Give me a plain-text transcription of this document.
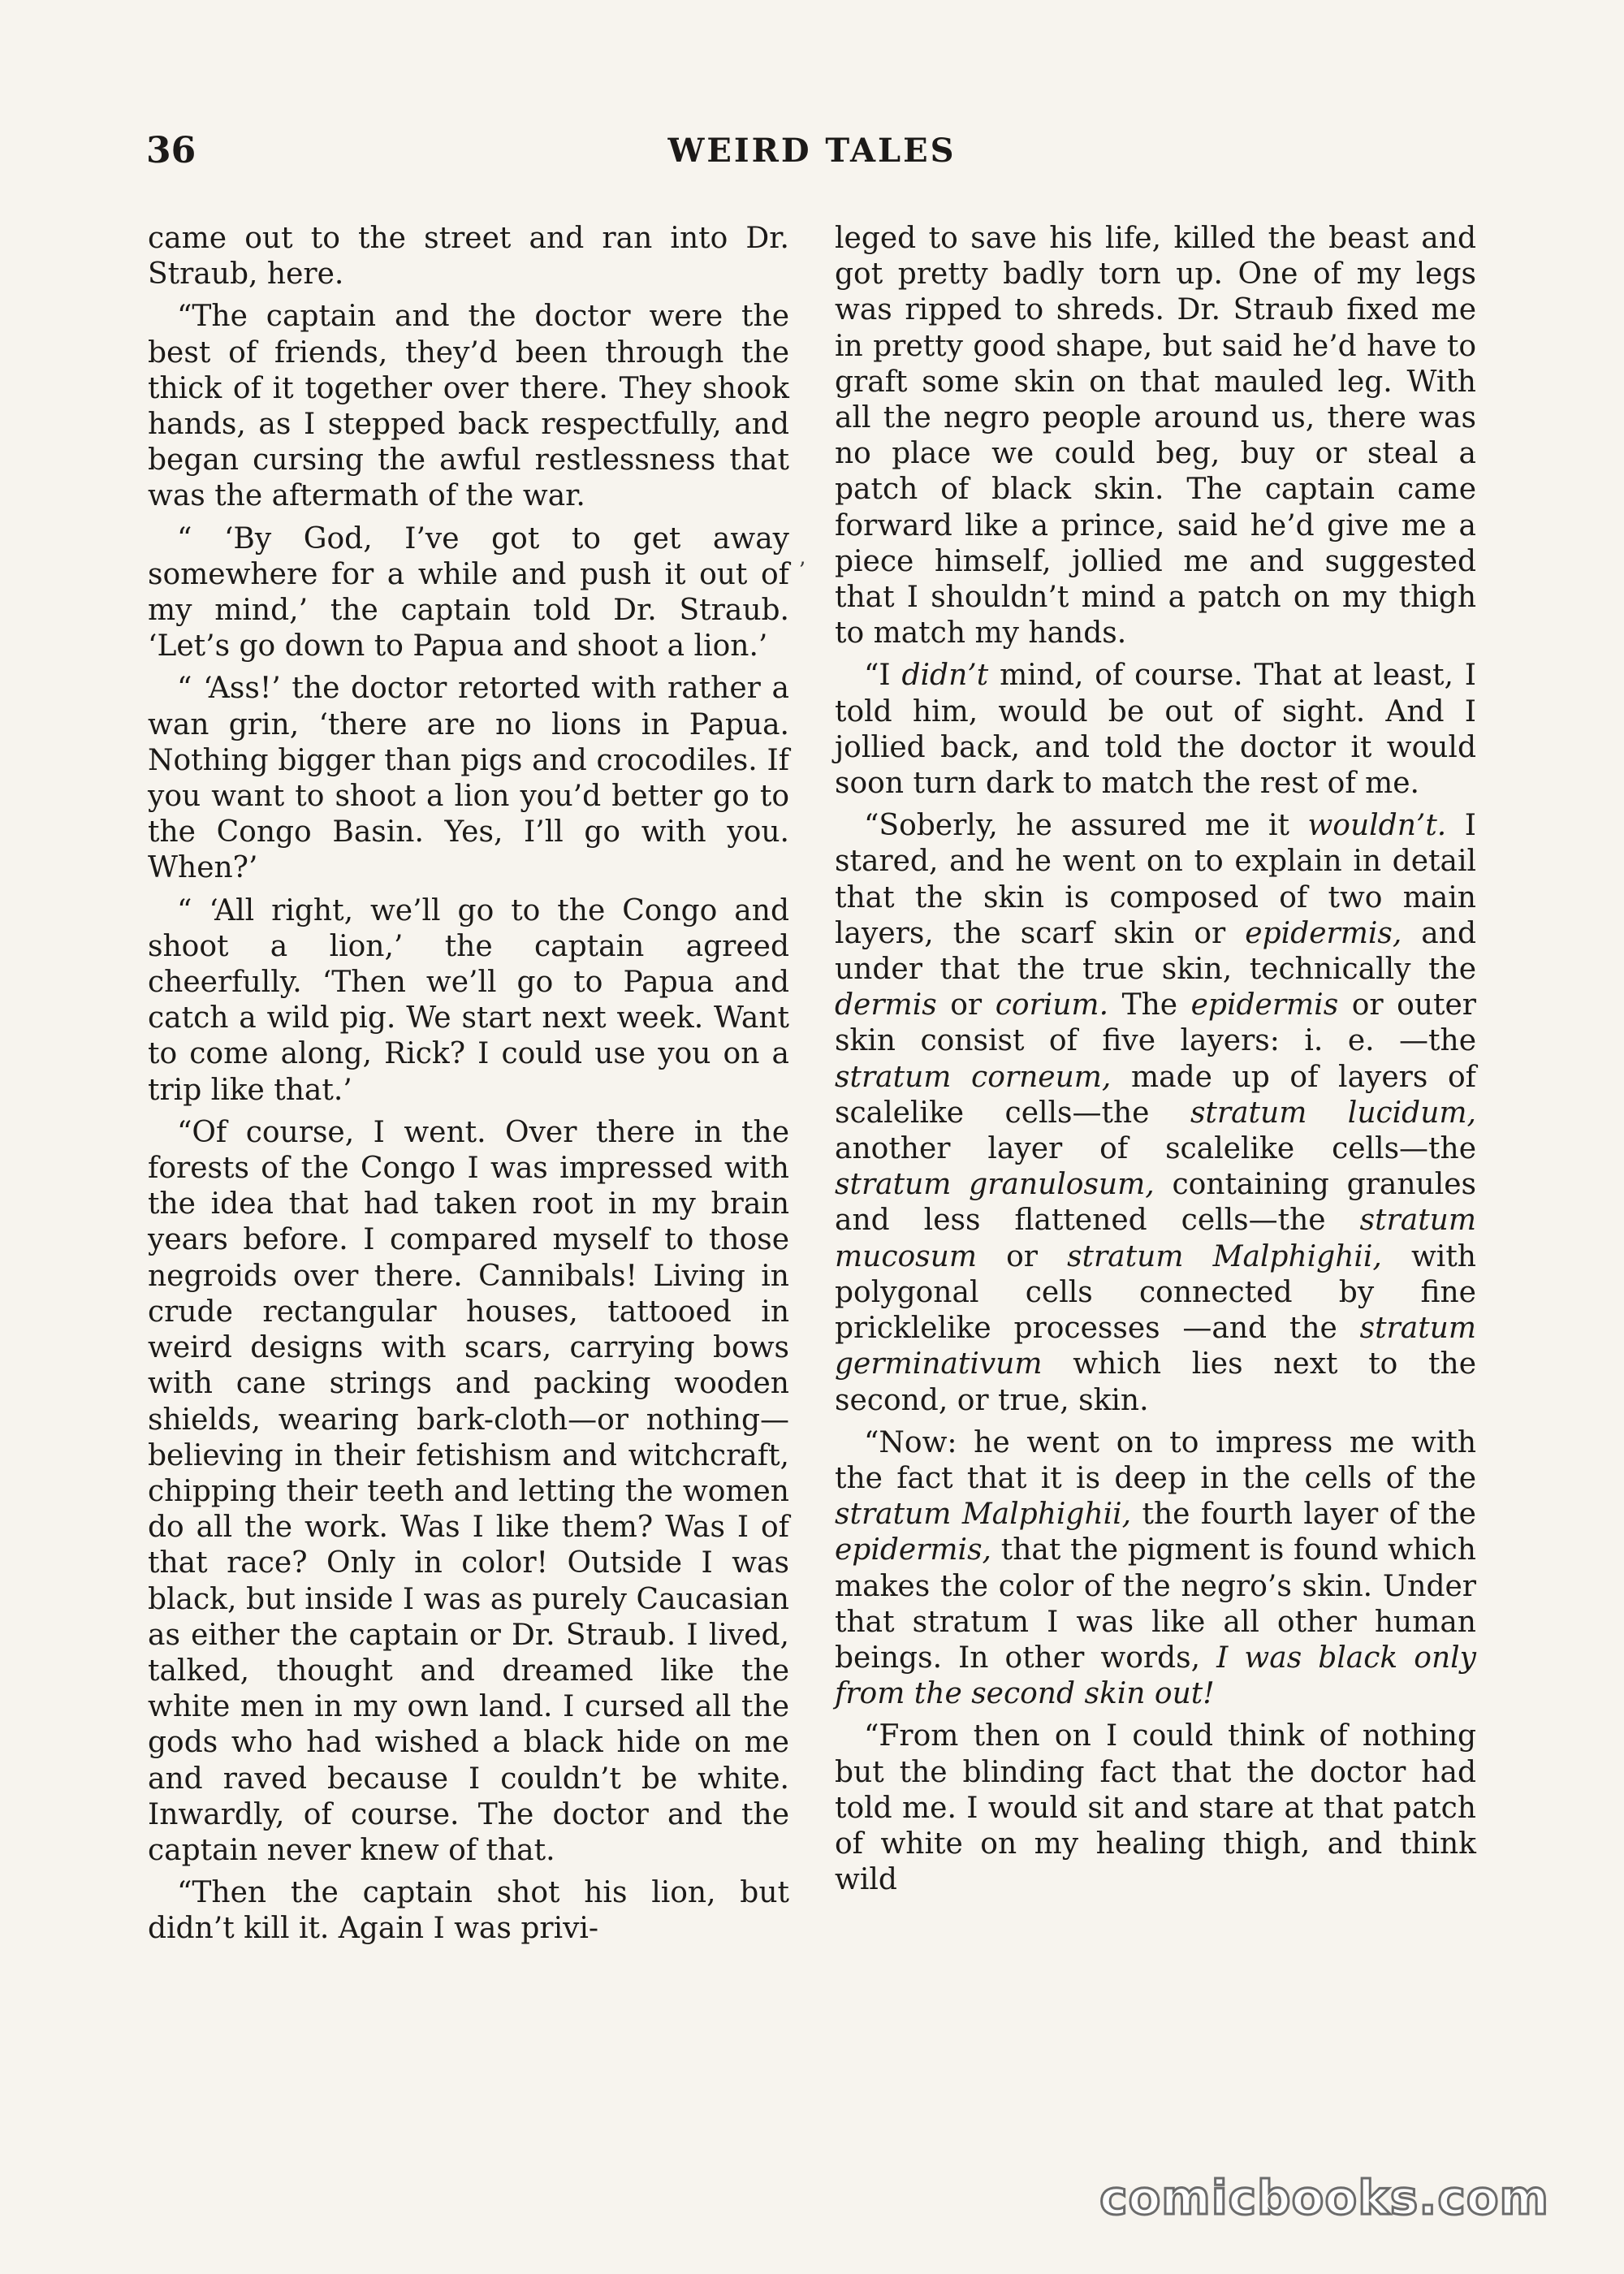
36	WEIRD TALES

came out to the street and ran into Dr. Straub, here.

“The captain and the doctor were the best of friends, they’d been through the thick of it together over there. They shook hands, as I stepped back respectfully, and began cursing the awful restlessness that was the aftermath of the war.

“ ‘By God, I’ve got to get away somewhere for a while and push it out of my mind,’ the captain told Dr. Straub. ‘Let’s go down to Papua and shoot a lion.’

“ ‘Ass!’ the doctor retorted with rather a wan grin, ‘there are no lions in Papua. Nothing bigger than pigs and crocodiles. If you want to shoot a lion you’d better go to the Congo Basin. Yes, I’ll go with you. When?’

“ ‘All right, we’ll go to the Congo and shoot a lion,’ the captain agreed cheerfully. ‘Then we’ll go to Papua and catch a wild pig. We start next week. Want to come along, Rick? I could use you on a trip like that.’

“Of course, I went. Over there in the forests of the Congo I was impressed with the idea that had taken root in my brain years before. I compared myself to those negroids over there. Cannibals! Living in crude rectangular houses, tattooed in weird designs with scars, carrying bows with cane strings and packing wooden shields, wearing bark-cloth—or nothing—believing in their fetishism and witchcraft, chipping their teeth and letting the women do all the work. Was I like them? Was I of that race? Only in color! Outside I was black, but inside I was as purely Caucasian as either the captain or Dr. Straub. I lived, talked, thought and dreamed like the white men in my own land. I cursed all the gods who had wished a black hide on me and raved because I couldn’t be white. Inwardly, of course. The doctor and the captain never knew of that.

“Then the captain shot his lion, but didn’t kill it. Again I was privi-

ʼ

leged to save his life, killed the beast and got pretty badly torn up. One of my legs was ripped to shreds. Dr. Straub fixed me in pretty good shape, but said he’d have to graft some skin on that mauled leg. With all the negro people around us, there was no place we could beg, buy or steal a patch of black skin. The captain came forward like a prince, said he’d give me a piece himself, jollied me and suggested that I shouldn’t mind a patch on my thigh to match my hands.

“I didn’t mind, of course. That at least, I told him, would be out of sight. And I jollied back, and told the doctor it would soon turn dark to match the rest of me.

“Soberly, he assured me it wouldn’t. I stared, and he went on to explain in detail that the skin is composed of two main layers, the scarf skin or epidermis, and under that the true skin, technically the dermis or corium. The epidermis or outer skin consist of five layers: i. e. —the stratum corneum, made up of layers of scalelike cells—the stratum lucidum, another layer of scalelike cells—the stratum granulosum, containing granules and less flattened cells—the stratum mucosum or stratum Malphighii, with polygonal cells connected by fine pricklelike processes —and the stratum germinativum which lies next to the second, or true, skin.

“Now: he went on to impress me with the fact that it is deep in the cells of the stratum Malphighii, the fourth layer of the epidermis, that the pigment is found which makes the color of the negro’s skin. Under that stratum I was like all other human beings. In other words, I was black only from the second skin out!

“From then on I could think of nothing but the blinding fact that the doctor had told me. I would sit and stare at that patch of white on my healing thigh, and think wild

comicbooks.com
